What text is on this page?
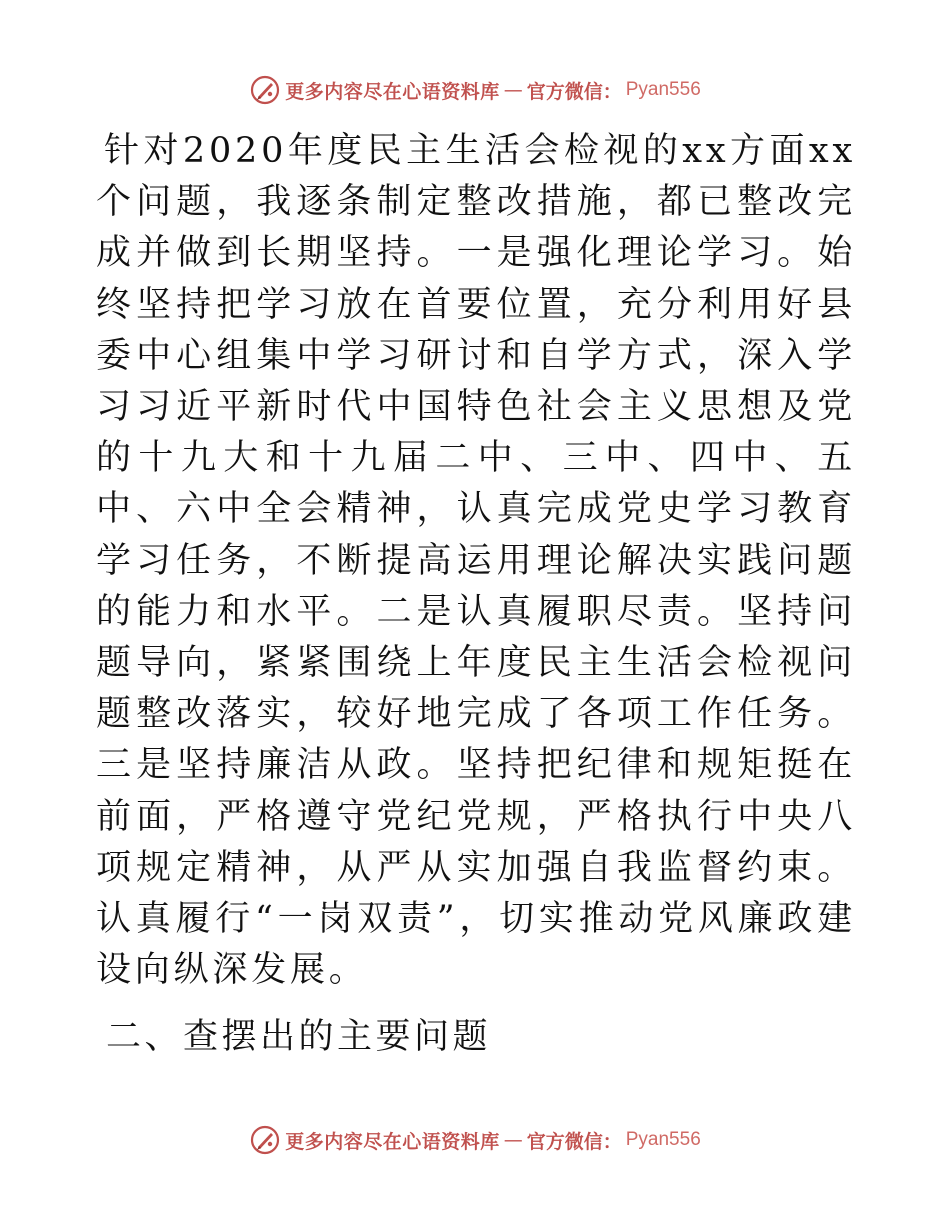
更多内容尽在心语资料库 — 官方微信： Pyan556

针对2020年度民主生活会检视的xx方面xx个问题，我逐条制定整改措施，都已整改完成并做到长期坚持。一是强化理论学习。始终坚持把学习放在首要位置，充分利用好县委中心组集中学习研讨和自学方式，深入学习习近平新时代中国特色社会主义思想及党的十九大和十九届二中、三中、四中、五中、六中全会精神，认真完成党史学习教育学习任务，不断提高运用理论解决实践问题的能力和水平。二是认真履职尽责。坚持问题导向，紧紧围绕上年度民主生活会检视问题整改落实，较好地完成了各项工作任务。三是坚持廉洁从政。坚持把纪律和规矩挺在前面，严格遵守党纪党规，严格执行中央八项规定精神，从严从实加强自我监督约束。认真履行“一岗双责”，切实推动党风廉政建设向纵深发展。

二、查摆出的主要问题
更多内容尽在心语资料库 — 官方微信： Pyan556
